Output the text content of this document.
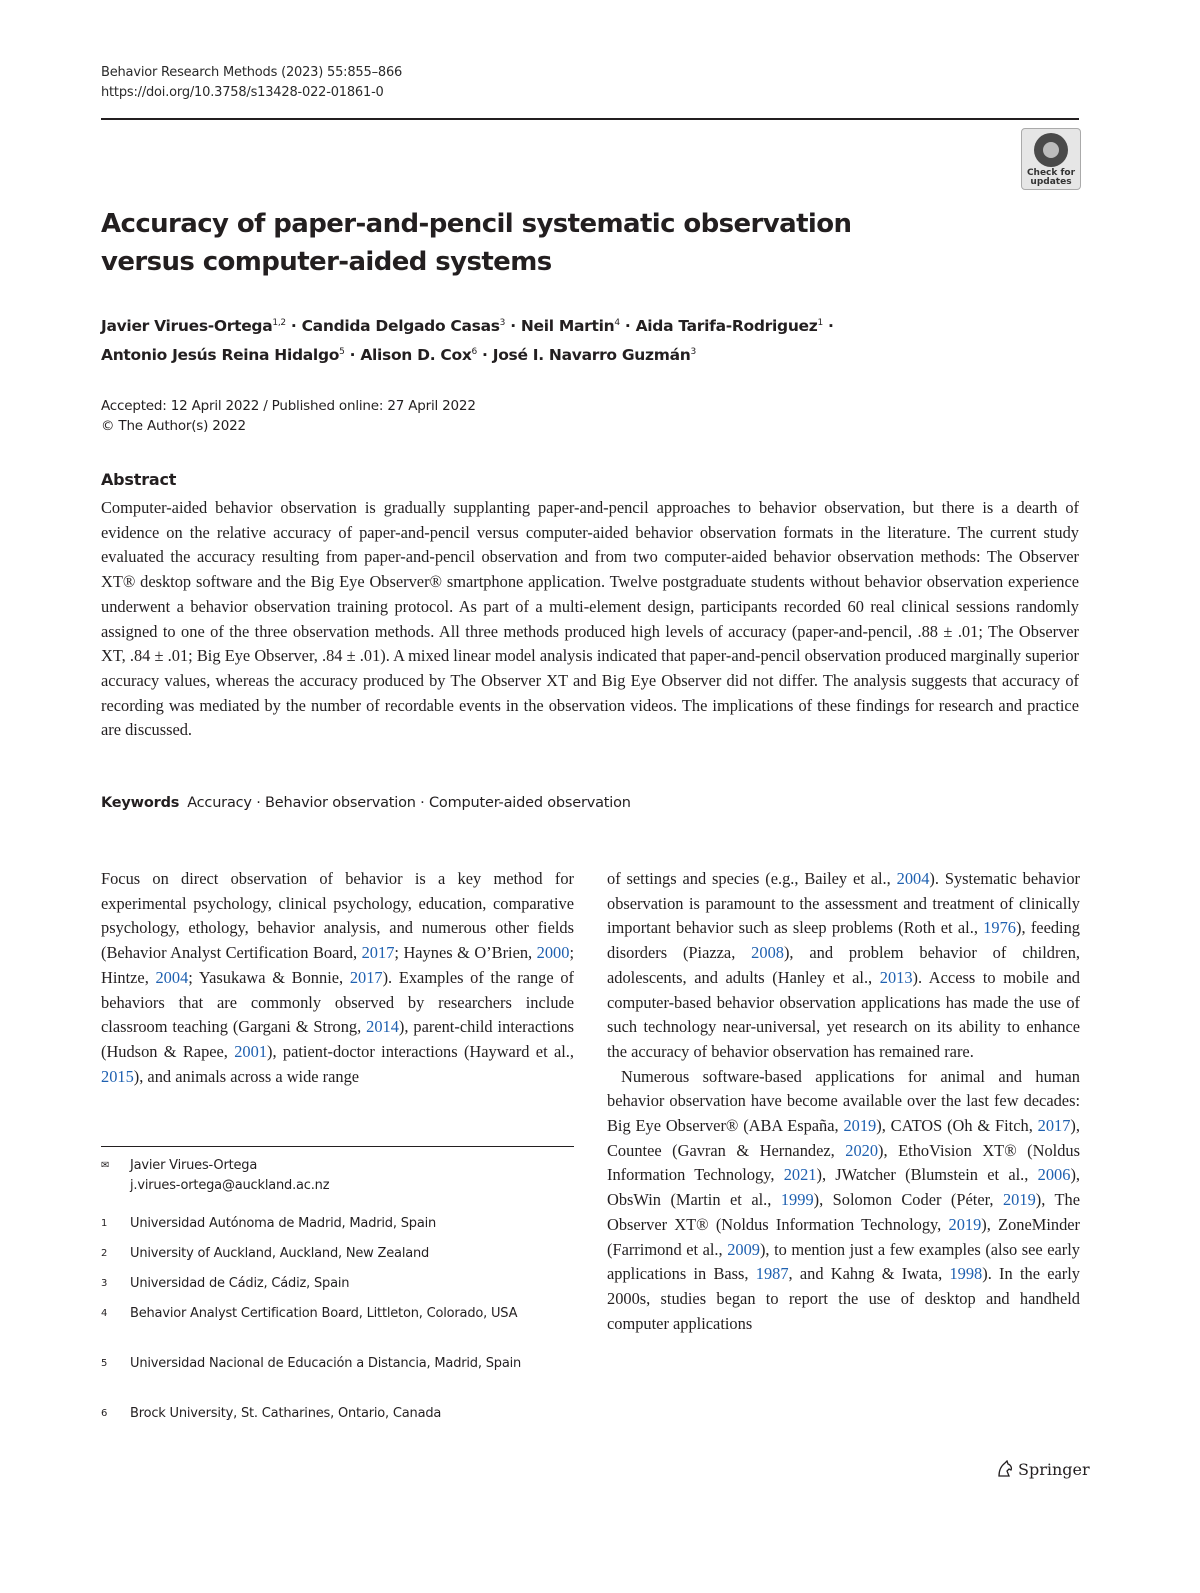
Behavior Research Methods (2023) 55:855–866
https://doi.org/10.3758/s13428-022-01861-0
Check for
updates
Accuracy of paper-and-pencil systematic observation
versus computer-aided systems
Javier Virues-Ortega$^{1,2}$ · Candida Delgado Casas$^3$ · Neil Martin$^4$ · Aida Tarifa-Rodriguez$^1$ ·
Antonio Jesús Reina Hidalgo$^5$ · Alison D. Cox$^6$ · José I. Navarro Guzmán$^3$
Accepted: 12 April 2022 / Published online: 27 April 2022
© The Author(s) 2022
Abstract
Computer-aided behavior observation is gradually supplanting paper-and-pencil approaches to behavior observation, but there is a dearth of evidence on the relative accuracy of paper-and-pencil versus computer-aided behavior observation formats in the literature. The current study evaluated the accuracy resulting from paper-and-pencil observation and from two computer-aided behavior observation methods: The Observer XT® desktop software and the Big Eye Observer® smartphone application. Twelve postgraduate students without behavior observation experience underwent a behavior observation training protocol. As part of a multi-element design, participants recorded 60 real clinical sessions randomly assigned to one of the three observation methods. All three methods produced high levels of accuracy (paper-and-pencil, .88 ± .01; The Observer XT, .84 ± .01; Big Eye Observer, .84 ± .01). A mixed linear model analysis indicated that paper-and-pencil observation produced marginally superior accuracy values, whereas the accuracy produced by The Observer XT and Big Eye Observer did not differ. The analysis suggests that accuracy of recording was mediated by the number of recordable events in the observation videos. The implications of these findings for research and practice are discussed.
Keywords Accuracy · Behavior observation · Computer-aided observation

Focus on direct observation of behavior is a key method for experimental psychology, clinical psychology, education, comparative psychology, ethology, behavior analysis, and numerous other fields (Behavior Analyst Certification Board, 2017; Haynes & O’Brien, 2000; Hintze, 2004; Yasukawa & Bonnie, 2017). Examples of the range of behaviors that are commonly observed by researchers include classroom teaching (Gargani & Strong, 2014), parent-child interactions (Hudson & Rapee, 2001), patient-doctor interactions (Hayward et al., 2015), and animals across a wide range

of settings and species (e.g., Bailey et al., 2004). Systematic behavior observation is paramount to the assessment and treatment of clinically important behavior such as sleep problems (Roth et al., 1976), feeding disorders (Piazza, 2008), and problem behavior of children, adolescents, and adults (Hanley et al., 2013). Access to mobile and computer-based behavior observation applications has made the use of such technology near-universal, yet research on its ability to enhance the accuracy of behavior observation has remained rare.

Numerous software-based applications for animal and human behavior observation have become available over the last few decades: Big Eye Observer® (ABA España, 2019), CATOS (Oh & Fitch, 2017), Countee (Gavran & Hernandez, 2020), EthoVision XT® (Noldus Information Technology, 2021), JWatcher (Blumstein et al., 2006), ObsWin (Martin et al., 1999), Solomon Coder (Péter, 2019), The Observer XT® (Noldus Information Technology, 2019), ZoneMinder (Farrimond et al., 2009), to mention just a few examples (also see early applications in Bass, 1987, and Kahng & Iwata, 1998). In the early 2000s, studies began to report the use of desktop and handheld computer applications

✉ Javier Virues-Ortega
j.virues-ortega@auckland.ac.nz
1 Universidad Autónoma de Madrid, Madrid, Spain
2 University of Auckland, Auckland, New Zealand
3 Universidad de Cádiz, Cádiz, Spain
4 Behavior Analyst Certification Board, Littleton, Colorado, USA
5 Universidad Nacional de Educación a Distancia, Madrid, Spain
6 Brock University, St. Catharines, Ontario, Canada
Springer
